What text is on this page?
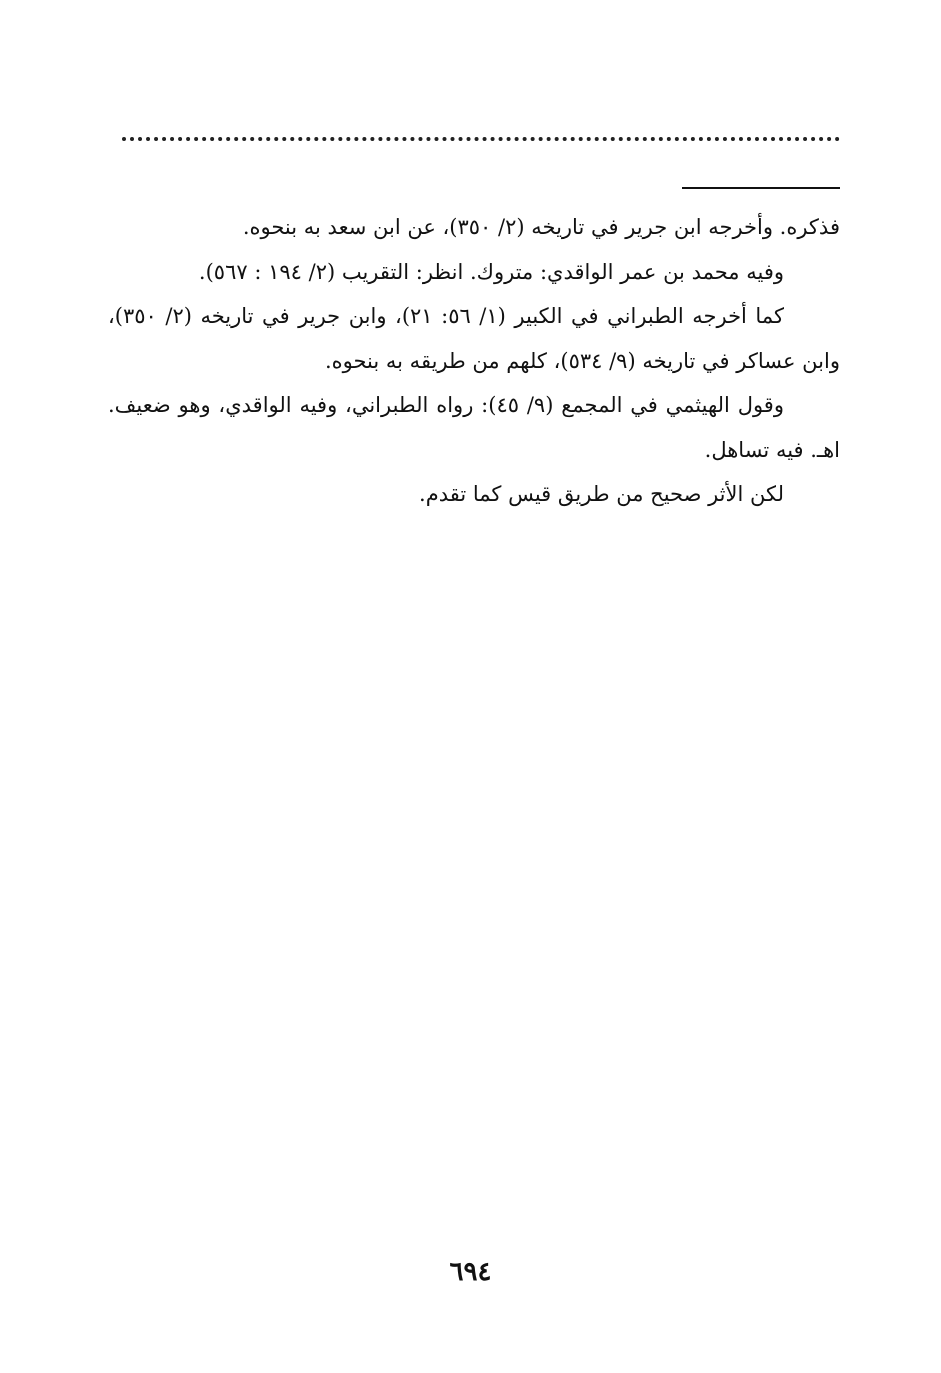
فذكره. وأخرجه ابن جرير في تاريخه (٢/ ٣٥٠)، عن ابن سعد به بنحوه.

وفيه محمد بن عمر الواقدي: متروك. انظر: التقريب (٢/ ١٩٤ : ٥٦٧).

كما أخرجه الطبراني في الكبير (١/ ٥٦: ٢١)، وابن جرير في تاريخه (٢/ ٣٥٠)، وابن عساكر في تاريخه (٩/ ٥٣٤)، كلهم من طريقه به بنحوه.

وقول الهيثمي في المجمع (٩/ ٤٥): رواه الطبراني، وفيه الواقدي، وهو ضعيف. اهـ. فيه تساهل.

لكن الأثر صحيح من طريق قيس كما تقدم.

٦٩٤
